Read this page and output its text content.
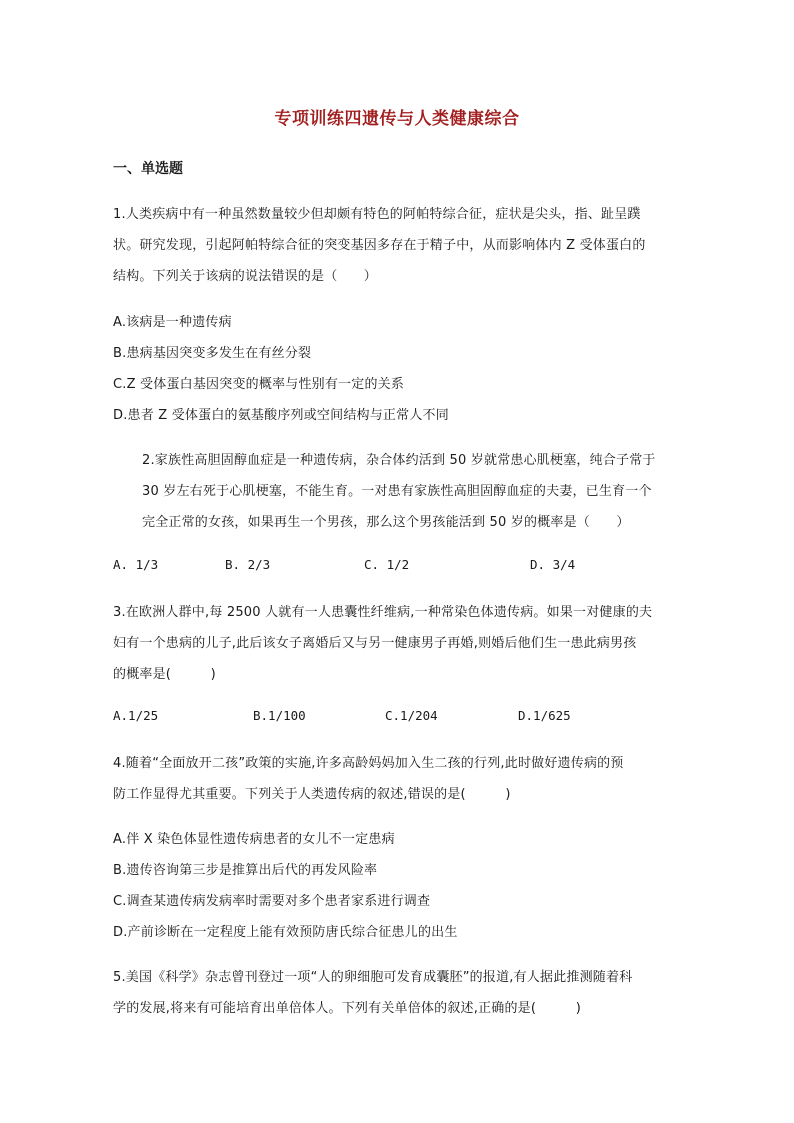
专项训练四遗传与人类健康综合
一、单选题
1.人类疾病中有一种虽然数量较少但却颇有特色的阿帕特综合征，症状是尖头，指、趾呈蹼
状。研究发现，引起阿帕特综合征的突变基因多存在于精子中，从而影响体内 Z 受体蛋白的
结构。下列关于该病的说法错误的是（　　）
A.该病是一种遗传病
B.患病基因突变多发生在有丝分裂
C.Z 受体蛋白基因突变的概率与性别有一定的关系
D.患者 Z 受体蛋白的氨基酸序列或空间结构与正常人不同
2.家族性高胆固醇血症是一种遗传病，杂合体约活到 50 岁就常患心肌梗塞，纯合子常于
30 岁左右死于心肌梗塞，不能生育。一对患有家族性高胆固醇血症的夫妻，已生育一个
完全正常的女孩，如果再生一个男孩，那么这个男孩能活到 50 岁的概率是（　　）
A. 1/3	B. 2/3	C. 1/2	D. 3/4
3.在欧洲人群中,每 2500 人就有一人患囊性纤维病,一种常染色体遗传病。如果一对健康的夫
妇有一个患病的儿子,此后该女子离婚后又与另一健康男子再婚,则婚后他们生一患此病男孩
的概率是(　　　)
A.1/25	B.1/100	C.1/204	D.1/625
4.随着“全面放开二孩”政策的实施,许多高龄妈妈加入生二孩的行列,此时做好遗传病的预
防工作显得尤其重要。下列关于人类遗传病的叙述,错误的是(　　　)
A.伴 X 染色体显性遗传病患者的女儿不一定患病
B.遗传咨询第三步是推算出后代的再发风险率
C.调查某遗传病发病率时需要对多个患者家系进行调查
D.产前诊断在一定程度上能有效预防唐氏综合征患儿的出生
5.美国《科学》杂志曾刊登过一项“人的卵细胞可发育成囊胚”的报道,有人据此推测随着科
学的发展,将来有可能培育出单倍体人。下列有关单倍体的叙述,正确的是(　　　)
